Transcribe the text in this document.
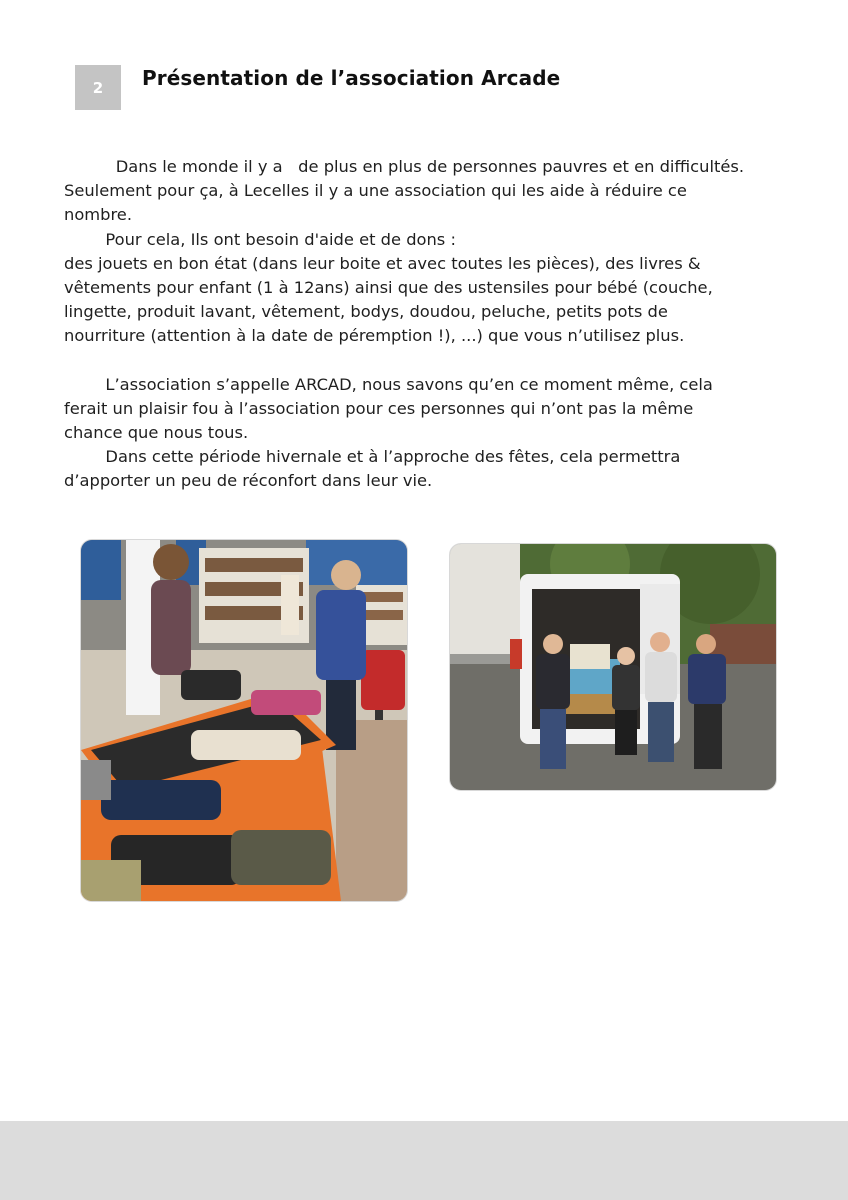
2	Présentation de l’association Arcade

Dans le monde il y a   de plus en plus de personnes pauvres et en difficultés.
Seulement pour ça, à Lecelles il y a une association qui les aide à réduire ce
nombre.

Pour cela, Ils ont besoin d'aide et de dons :
des jouets en bon état (dans leur boite et avec toutes les pièces), des livres &
vêtements pour enfant (1 à 12ans) ainsi que des ustensiles pour bébé (couche,
lingette, produit lavant, vêtement, bodys, doudou, peluche, petits pots de
nourriture (attention à la date de péremption !), ...) que vous n’utilisez plus.

L’association s’appelle ARCAD, nous savons qu’en ce moment même, cela
ferait un plaisir fou à l’association pour ces personnes qui n’ont pas la même
chance que nous tous.

Dans cette période hivernale et à l’approche des fêtes, cela permettra
d’apporter un peu de réconfort dans leur vie.
